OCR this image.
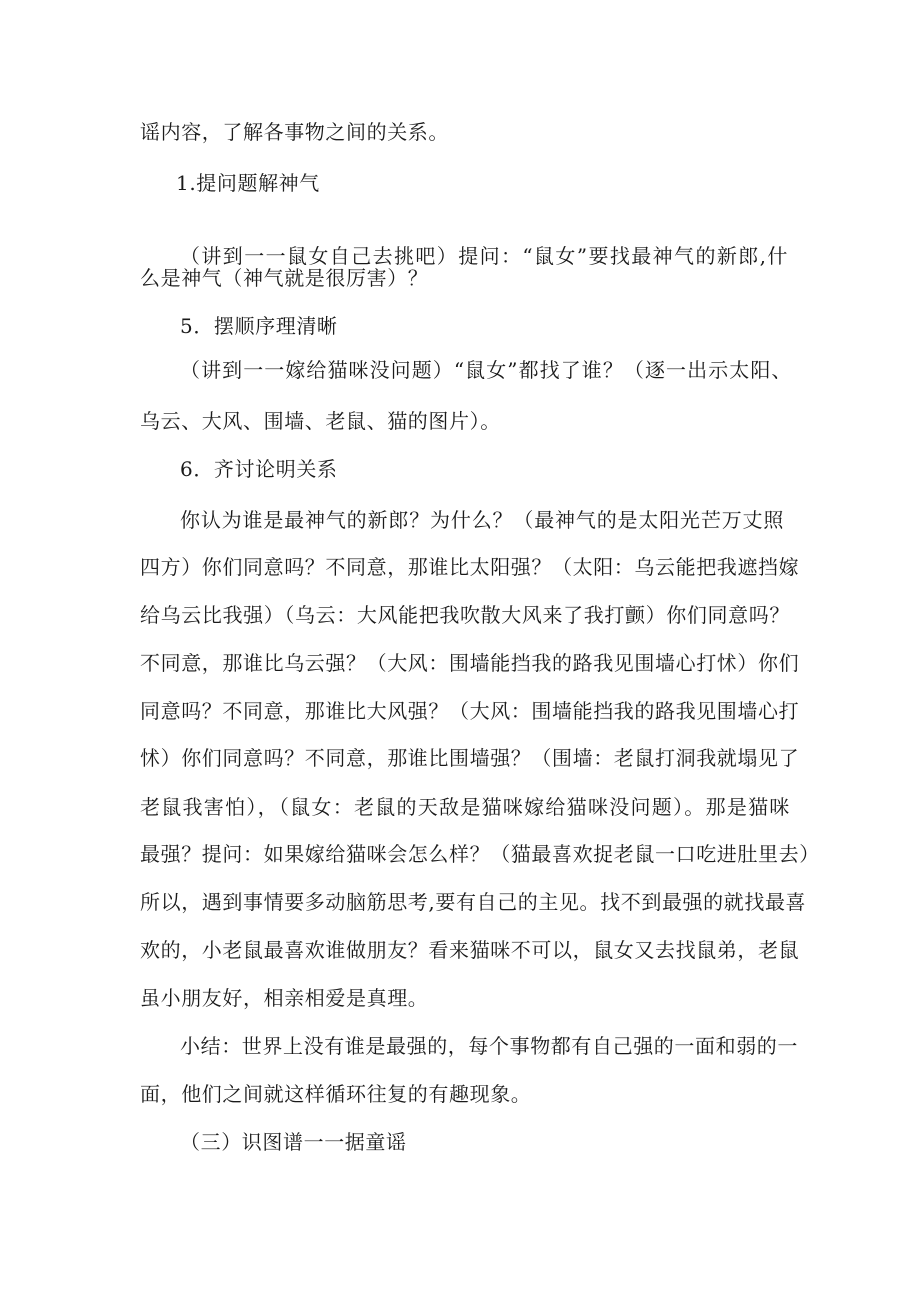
谣内容，了解各事物之间的关系。
1.提问题解神气
（讲到一一鼠女自己去挑吧）提问：“鼠女”要找最神气的新郎,什
么是神气（神气就是很厉害）？
5．摆顺序理清晰
（讲到一一嫁给猫咪没问题）“鼠女”都找了谁？（逐一出示太阳、
乌云、大风、围墙、老鼠、猫的图片）。
6．齐讨论明关系
你认为谁是最神气的新郎？为什么？（最神气的是太阳光芒万丈照
四方）你们同意吗？不同意，那谁比太阳强？（太阳：乌云能把我遮挡嫁
给乌云比我强）（乌云：大风能把我吹散大风来了我打颤）你们同意吗？
不同意，那谁比乌云强？（大风：围墙能挡我的路我见围墙心打怵）你们
同意吗？不同意，那谁比大风强？（大风：围墙能挡我的路我见围墙心打
怵）你们同意吗？不同意，那谁比围墙强？（围墙：老鼠打洞我就塌见了
老鼠我害怕），（鼠女：老鼠的天敌是猫咪嫁给猫咪没问题）。那是猫咪
最强？提问：如果嫁给猫咪会怎么样？（猫最喜欢捉老鼠一口吃进肚里去）
所以，遇到事情要多动脑筋思考,要有自己的主见。找不到最强的就找最喜
欢的，小老鼠最喜欢谁做朋友？看来猫咪不可以，鼠女又去找鼠弟，老鼠
虽小朋友好，相亲相爱是真理。
小结：世界上没有谁是最强的，每个事物都有自己强的一面和弱的一
面，他们之间就这样循环往复的有趣现象。
（三）识图谱一一据童谣
